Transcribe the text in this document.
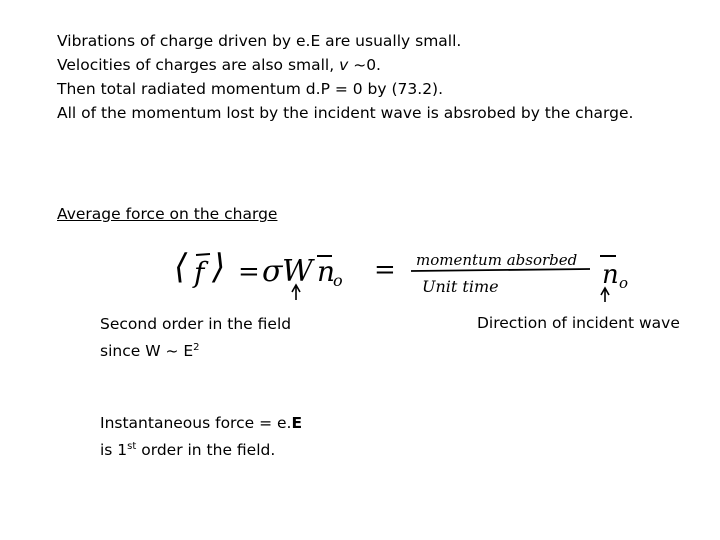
Vibrations of charge driven by e.E are usually small.
Velocities of charges are also small, v ~0.
Then total radiated momentum d.P = 0 by (73.2).
All of the momentum lost by the incident wave is absrobed by the charge.
Average force on the charge
⟨ f ⟩ = σ W n
o = momentum absorbed
Unit time	n o
Second order in the field
since W ~ $E^2$
Direction of incident wave
Instantaneous force = e.E
is 1st order in the field.
